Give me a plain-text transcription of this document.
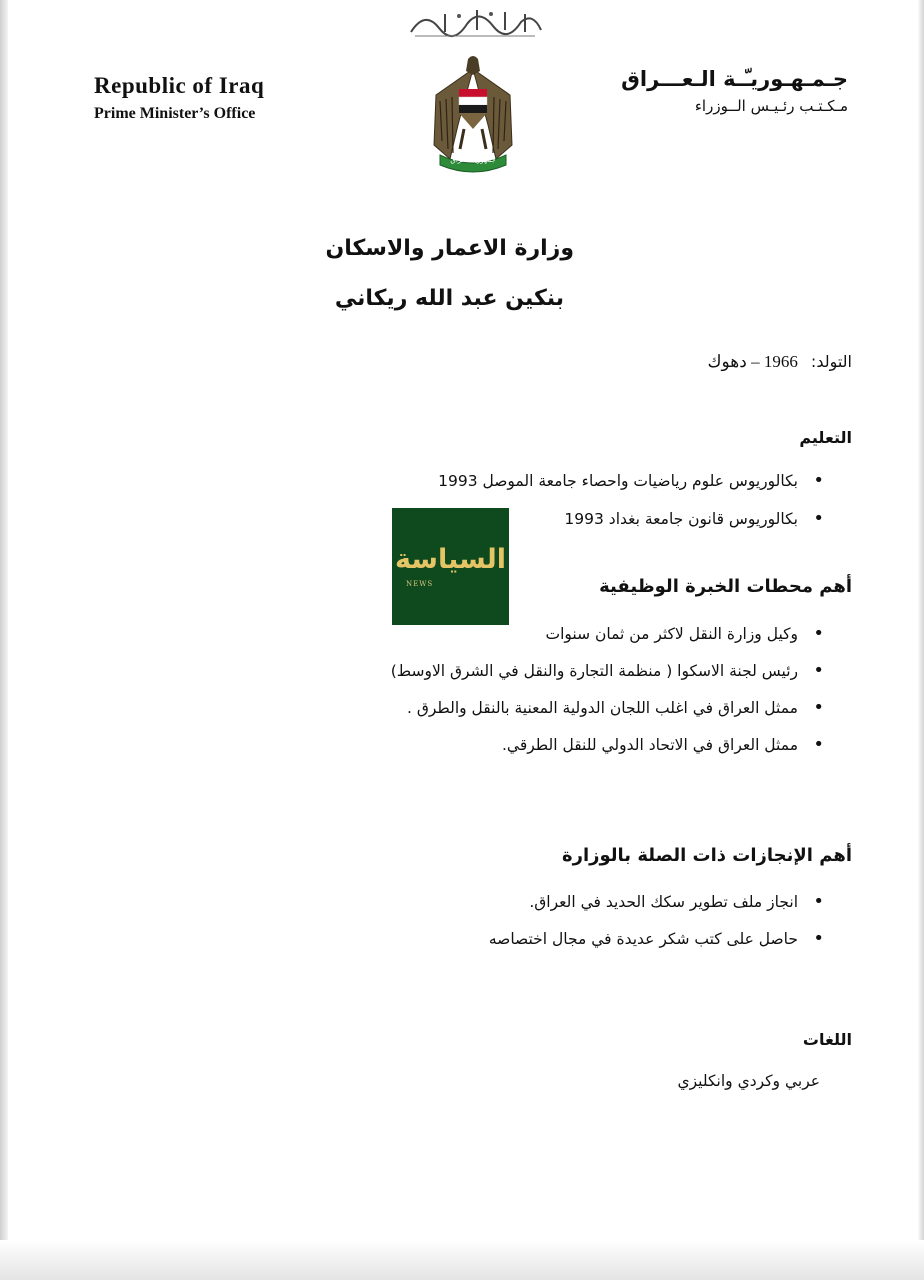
Republic of Iraq

Prime Minister’s Office

جمهورية العراق

جـمـهـوريـّـة الـعـــراق

مـكـتـب رئـيـس الــوزراء

وزارة الاعمار والاسكان
بنكين عبد الله ريكاني
التولد: 1966 – دهوك
التعليم
• بكالوريوس علوم رياضيات واحصاء جامعة الموصل 1993
• بكالوريوس قانون جامعة بغداد 1993
أهم محطات الخبرة الوظيفية
• وكيل وزارة النقل لاكثر من ثمان سنوات
• رئيس لجنة الاسكوا ( منظمة التجارة والنقل في الشرق الاوسط)
• ممثل العراق في اغلب اللجان الدولية المعنية بالنقل والطرق .
• ممثل العراق في الاتحاد الدولي للنقل الطرقي.
أهم الإنجازات ذات الصلة بالوزارة
• انجاز ملف تطوير سكك الحديد في العراق.
• حاصل على كتب شكر عديدة في مجال اختصاصه
اللغات
عربي وكردي وانكليزي
السياسة
NEWS
